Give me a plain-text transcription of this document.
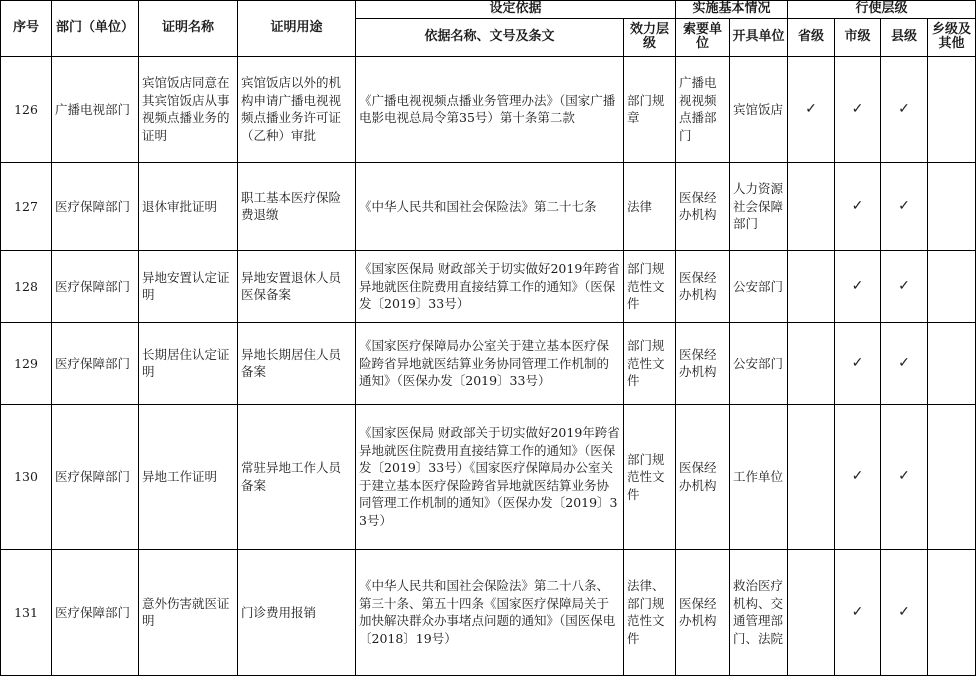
序号	部门（单位）	证明名称	证明用途	设定依据		实施基本情况		行使层级			
				依据名称、文号及条文	效力层级	索要单位	开具单位	省级	市级	县级	乡级及其他
126	广播电视部门	宾馆饭店同意在其宾馆饭店从事视频点播业务的证明	宾馆饭店以外的机构申请广播电视视频点播业务许可证（乙种）审批	《广播电视视频点播业务管理办法》（国家广播电影电视总局令第35号）第十条第二款	部门规章	广播电视视频点播部门	宾馆饭店	✓	✓	✓	
127	医疗保障部门	退休审批证明	职工基本医疗保险费退缴	《中华人民共和国社会保险法》第二十七条	法律	医保经办机构	人力资源社会保障部门		✓	✓	
128	医疗保障部门	异地安置认定证明	异地安置退休人员医保备案	《国家医保局 财政部关于切实做好2019年跨省异地就医住院费用直接结算工作的通知》（医保发〔2019〕33号）	部门规范性文件	医保经办机构	公安部门		✓	✓	
129	医疗保障部门	长期居住认定证明	异地长期居住人员备案	《国家医疗保障局办公室关于建立基本医疗保险跨省异地就医结算业务协同管理工作机制的通知》（医保办发〔2019〕33号）	部门规范性文件	医保经办机构	公安部门		✓	✓	
130	医疗保障部门	异地工作证明	常驻异地工作人员备案	《国家医保局 财政部关于切实做好2019年跨省异地就医住院费用直接结算工作的通知》（医保发〔2019〕33号）《国家医疗保障局办公室关于建立基本医疗保险跨省异地就医结算业务协同管理工作机制的通知》（医保办发〔2019〕33号）	部门规范性文件	医保经办机构	工作单位		✓	✓	
131	医疗保障部门	意外伤害就医证明	门诊费用报销	《中华人民共和国社会保险法》第二十八条、第三十条、第五十四条《国家医疗保障局关于加快解决群众办事堵点问题的通知》（国医保电〔2018〕19号）	法律、部门规范性文件	医保经办机构	救治医疗机构、交通管理部门、法院		✓	✓	
